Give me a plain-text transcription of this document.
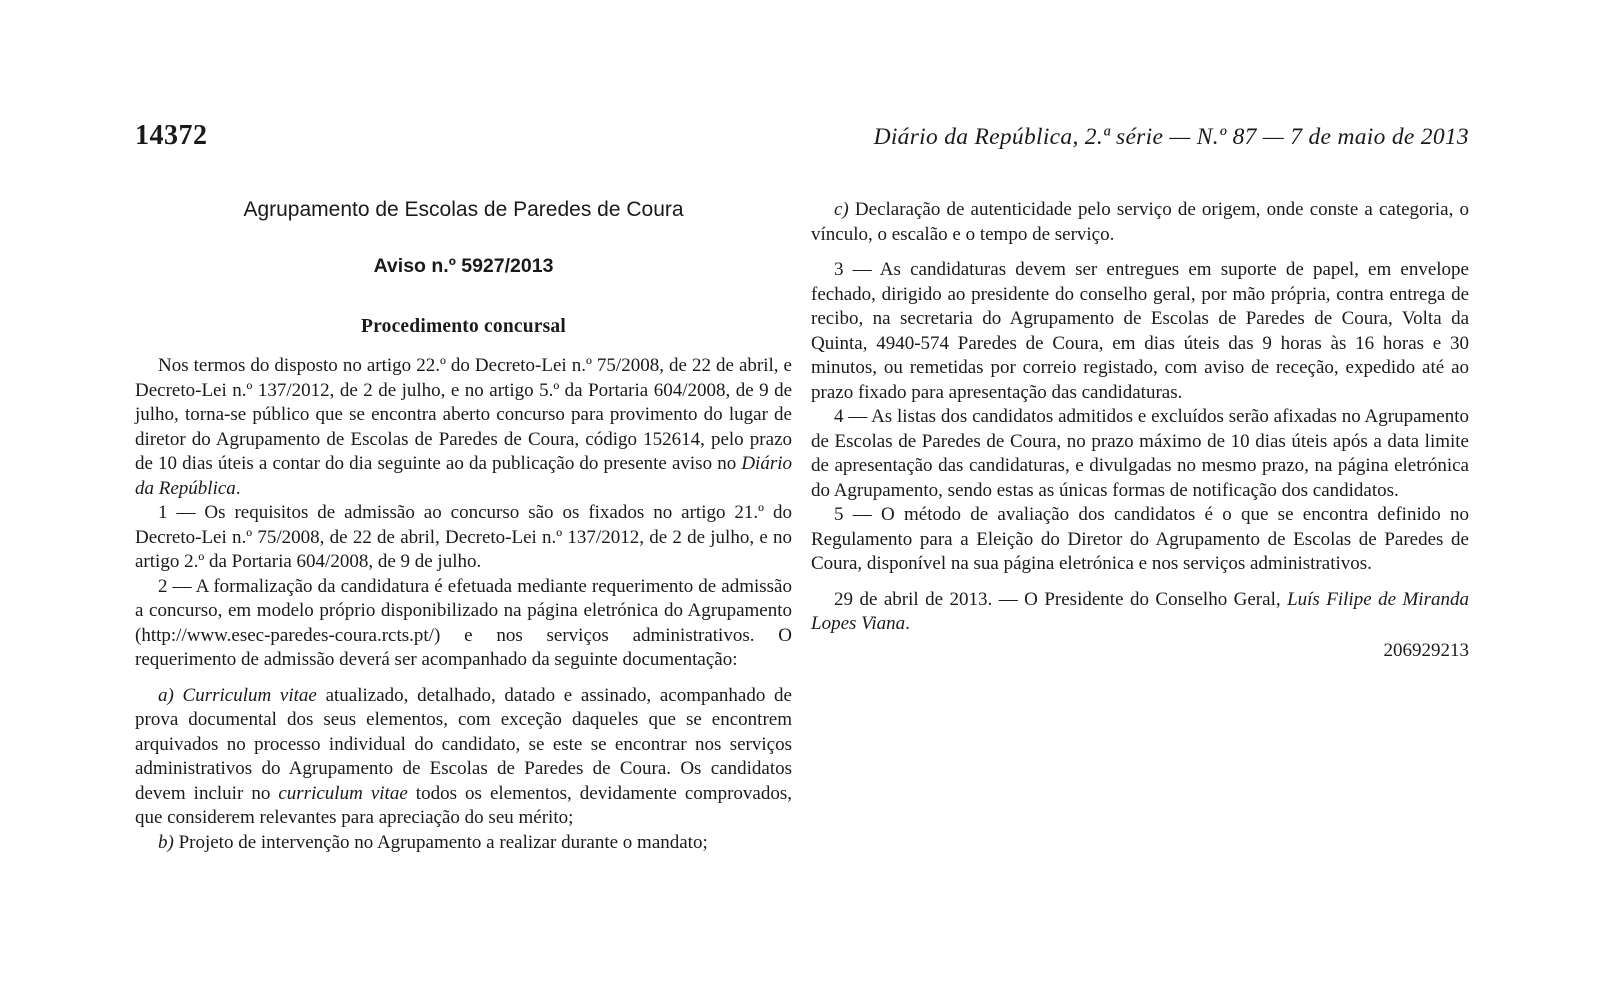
14372	Diário da República, 2.ª série — N.º 87 — 7 de maio de 2013
Agrupamento de Escolas de Paredes de Coura
Aviso n.º 5927/2013
Procedimento concursal

Nos termos do disposto no artigo 22.º do Decreto-Lei n.º 75/2008, de 22 de abril, e Decreto-Lei n.º 137/2012, de 2 de julho, e no artigo 5.º da Portaria 604/2008, de 9 de julho, torna-se público que se encontra aberto concurso para provimento do lugar de diretor do Agrupamento de Escolas de Paredes de Coura, código 152614, pelo prazo de 10 dias úteis a contar do dia seguinte ao da publicação do presente aviso no Diário da República.

1 — Os requisitos de admissão ao concurso são os fixados no artigo 21.º do Decreto-Lei n.º 75/2008, de 22 de abril, Decreto-Lei n.º 137/2012, de 2 de julho, e no artigo 2.º da Portaria 604/2008, de 9 de julho.

2 — A formalização da candidatura é efetuada mediante requerimento de admissão a concurso, em modelo próprio disponibilizado na página eletrónica do Agrupamento (http://www.esec-paredes-coura.rcts.pt/) e nos serviços administrativos. O requerimento de admissão deverá ser acompanhado da seguinte documentação:

a) Curriculum vitae atualizado, detalhado, datado e assinado, acompanhado de prova documental dos seus elementos, com exceção daqueles que se encontrem arquivados no processo individual do candidato, se este se encontrar nos serviços administrativos do Agrupamento de Escolas de Paredes de Coura. Os candidatos devem incluir no curriculum vitae todos os elementos, devidamente comprovados, que considerem relevantes para apreciação do seu mérito;

b) Projeto de intervenção no Agrupamento a realizar durante o mandato;

c) Declaração de autenticidade pelo serviço de origem, onde conste a categoria, o vínculo, o escalão e o tempo de serviço.

3 — As candidaturas devem ser entregues em suporte de papel, em envelope fechado, dirigido ao presidente do conselho geral, por mão própria, contra entrega de recibo, na secretaria do Agrupamento de Escolas de Paredes de Coura, Volta da Quinta, 4940-574 Paredes de Coura, em dias úteis das 9 horas às 16 horas e 30 minutos, ou remetidas por correio registado, com aviso de receção, expedido até ao prazo fixado para apresentação das candidaturas.

4 — As listas dos candidatos admitidos e excluídos serão afixadas no Agrupamento de Escolas de Paredes de Coura, no prazo máximo de 10 dias úteis após a data limite de apresentação das candidaturas, e divulgadas no mesmo prazo, na página eletrónica do Agrupamento, sendo estas as únicas formas de notificação dos candidatos.

5 — O método de avaliação dos candidatos é o que se encontra definido no Regulamento para a Eleição do Diretor do Agrupamento de Escolas de Paredes de Coura, disponível na sua página eletrónica e nos serviços administrativos.

29 de abril de 2013. — O Presidente do Conselho Geral, Luís Filipe de Miranda Lopes Viana.

206929213
